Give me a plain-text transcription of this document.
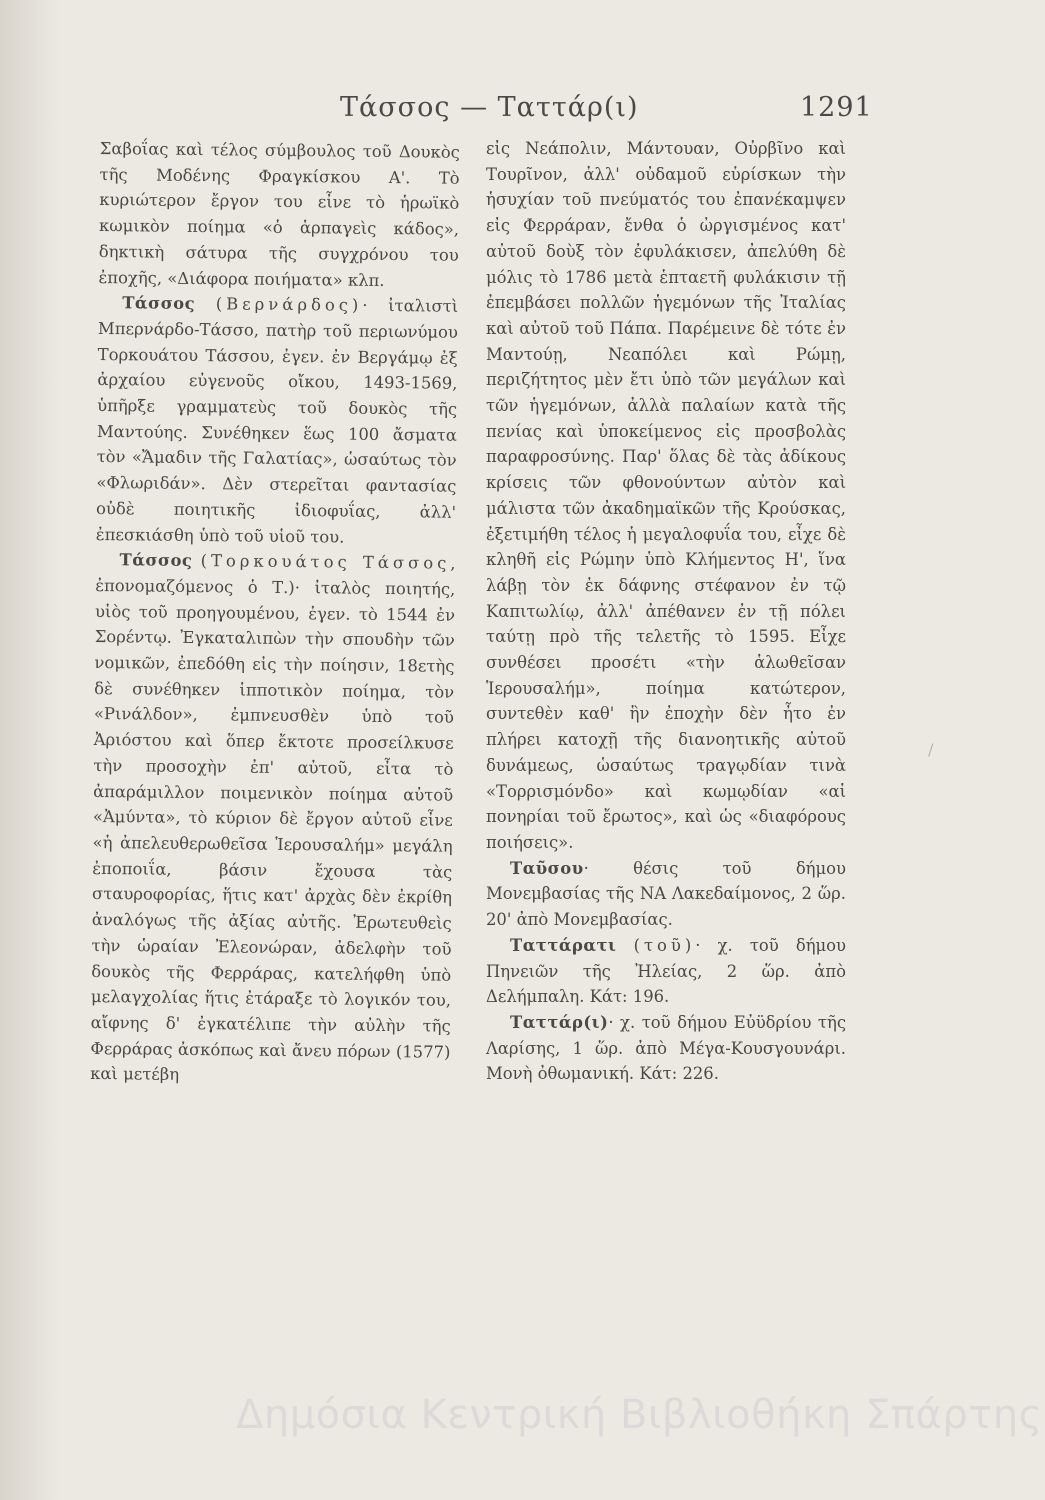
Τάσσος — Ταττάρ(ι)	1291

Σαβοΐας καὶ τέλος σύμβουλος τοῦ Δουκὸς τῆς Μοδένης Φραγκίσκου Α'. Τὸ κυριώτερον ἔργον του εἶνε τὸ ἡρωϊκὸ κωμικὸν ποίημα «ὁ ἁρπαγεὶς κάδος», δηκτικὴ σάτυρα τῆς συγχρόνου του ἐποχῆς, «Διάφορα ποιήματα» κλπ.

Τάσσος (Βερνάρδος)· ἰταλιστὶ Μπερνάρδο-Τάσσο, πατὴρ τοῦ περιωνύμου Τορκουάτου Τάσσου, ἐγεν. ἐν Βεργάμῳ ἐξ ἀρχαίου εὐγενοῦς οἴκου, 1493-1569, ὑπῆρξε γραμματεὺς τοῦ δουκὸς τῆς Μαντούης. Συνέθηκεν ἕως 100 ἄσματα τὸν «Ἄμαδιν τῆς Γαλατίας», ὡσαύτως τὸν «Φλωριδάν». Δὲν στερεῖται φαντασίας οὐδὲ ποιητικῆς ἰδιοφυΐας, ἀλλ' ἐπεσκιάσθη ὑπὸ τοῦ υἱοῦ του.

Τάσσος (Τορκουάτος Τάσσος, ἐπονομαζόμενος ὁ Τ.)· ἰταλὸς ποιητής, υἱὸς τοῦ προηγουμένου, ἐγεν. τὸ 1544 ἐν Σορέντῳ. Ἐγκαταλιπὼν τὴν σπουδὴν τῶν νομικῶν, ἐπεδόθη εἰς τὴν ποίησιν, 18ετὴς δὲ συνέθηκεν ἱπποτικὸν ποίημα, τὸν «Ρινάλδον», ἐμπνευσθὲν ὑπὸ τοῦ Ἀριόστου καὶ ὅπερ ἔκτοτε προσείλκυσε τὴν προσοχὴν ἐπ' αὐτοῦ, εἶτα τὸ ἀπαράμιλλον ποιμενικὸν ποίημα αὐτοῦ «Ἀμύντα», τὸ κύριον δὲ ἔργον αὐτοῦ εἶνε «ἡ ἀπελευθερωθεῖσα Ἱερουσαλήμ» μεγάλη ἐποποιΐα, βάσιν ἔχουσα τὰς σταυροφορίας, ἥτις κατ' ἀρχὰς δὲν ἐκρίθη ἀναλόγως τῆς ἀξίας αὐτῆς. Ἐρωτευθεὶς τὴν ὡραίαν Ἐλεονώραν, ἀδελφὴν τοῦ δουκὸς τῆς Φερράρας, κατελήφθη ὑπὸ μελαγχολίας ἥτις ἐτάραξε τὸ λογικόν του, αἴφνης δ' ἐγκατέλιπε τὴν αὐλὴν τῆς Φερράρας ἀσκόπως καὶ ἄνευ πόρων (1577) καὶ μετέβη

εἰς Νεάπολιν, Μάντουαν, Οὐρβῖνο καὶ Τουρῖνον, ἀλλ' οὐδαμοῦ εὑρίσκων τὴν ἡσυχίαν τοῦ πνεύματός του ἐπανέκαμψεν εἰς Φερράραν, ἔνθα ὁ ὠργισμένος κατ' αὐτοῦ δοὺξ τὸν ἐφυλάκισεν, ἀπελύθη δὲ μόλις τὸ 1786 μετὰ ἑπταετῆ φυλάκισιν τῇ ἐπεμβάσει πολλῶν ἡγεμόνων τῆς Ἰταλίας καὶ αὐτοῦ τοῦ Πάπα. Παρέμεινε δὲ τότε ἐν Μαντούῃ, Νεαπόλει καὶ Ρώμῃ, περιζήτητος μὲν ἔτι ὑπὸ τῶν μεγάλων καὶ τῶν ἡγεμόνων, ἀλλὰ παλαίων κατὰ τῆς πενίας καὶ ὑποκείμενος εἰς προσβολὰς παραφροσύνης. Παρ' ὅλας δὲ τὰς ἀδίκους κρίσεις τῶν φθονούντων αὐτὸν καὶ μάλιστα τῶν ἀκαδημαϊκῶν τῆς Κρούσκας, ἐξετιμήθη τέλος ἡ μεγαλοφυΐα του, εἶχε δὲ κληθῆ εἰς Ρώμην ὑπὸ Κλήμεντος Η', ἵνα λάβῃ τὸν ἐκ δάφνης στέφανον ἐν τῷ Καπιτωλίῳ, ἀλλ' ἀπέθανεν ἐν τῇ πόλει ταύτῃ πρὸ τῆς τελετῆς τὸ 1595. Εἶχε συνθέσει προσέτι «τὴν ἁλωθεῖσαν Ἱερουσαλήμ», ποίημα κατώτερον, συντεθὲν καθ' ἣν ἐποχὴν δὲν ἦτο ἐν πλήρει κατοχῇ τῆς διανοητικῆς αὐτοῦ δυνάμεως, ὡσαύτως τραγῳδίαν τινὰ «Τορρισμόνδο» καὶ κωμῳδίαν «αἱ πονηρίαι τοῦ ἔρωτος», καὶ ὡς «διαφόρους ποιήσεις».

Ταῦσου· θέσις τοῦ δήμου Μονεμβασίας τῆς ΝΑ Λακεδαίμονος, 2 ὥρ. 20' ἀπὸ Μονεμβασίας.

Ταττάρατι (τοῦ)· χ. τοῦ δήμου Πηνειῶν τῆς Ἠλείας, 2 ὥρ. ἀπὸ Δελήμπαλη. Κάτ: 196.

Ταττάρ(ι)· χ. τοῦ δήμου Εὐϋδρίου τῆς Λαρίσης, 1 ὥρ. ἀπὸ Μέγα-Κουσγουνάρι. Μονὴ ὀθωμανική. Κάτ: 226.

/
Δημόσια Κεντρική Βιβλιοθήκη Σπάρτης
